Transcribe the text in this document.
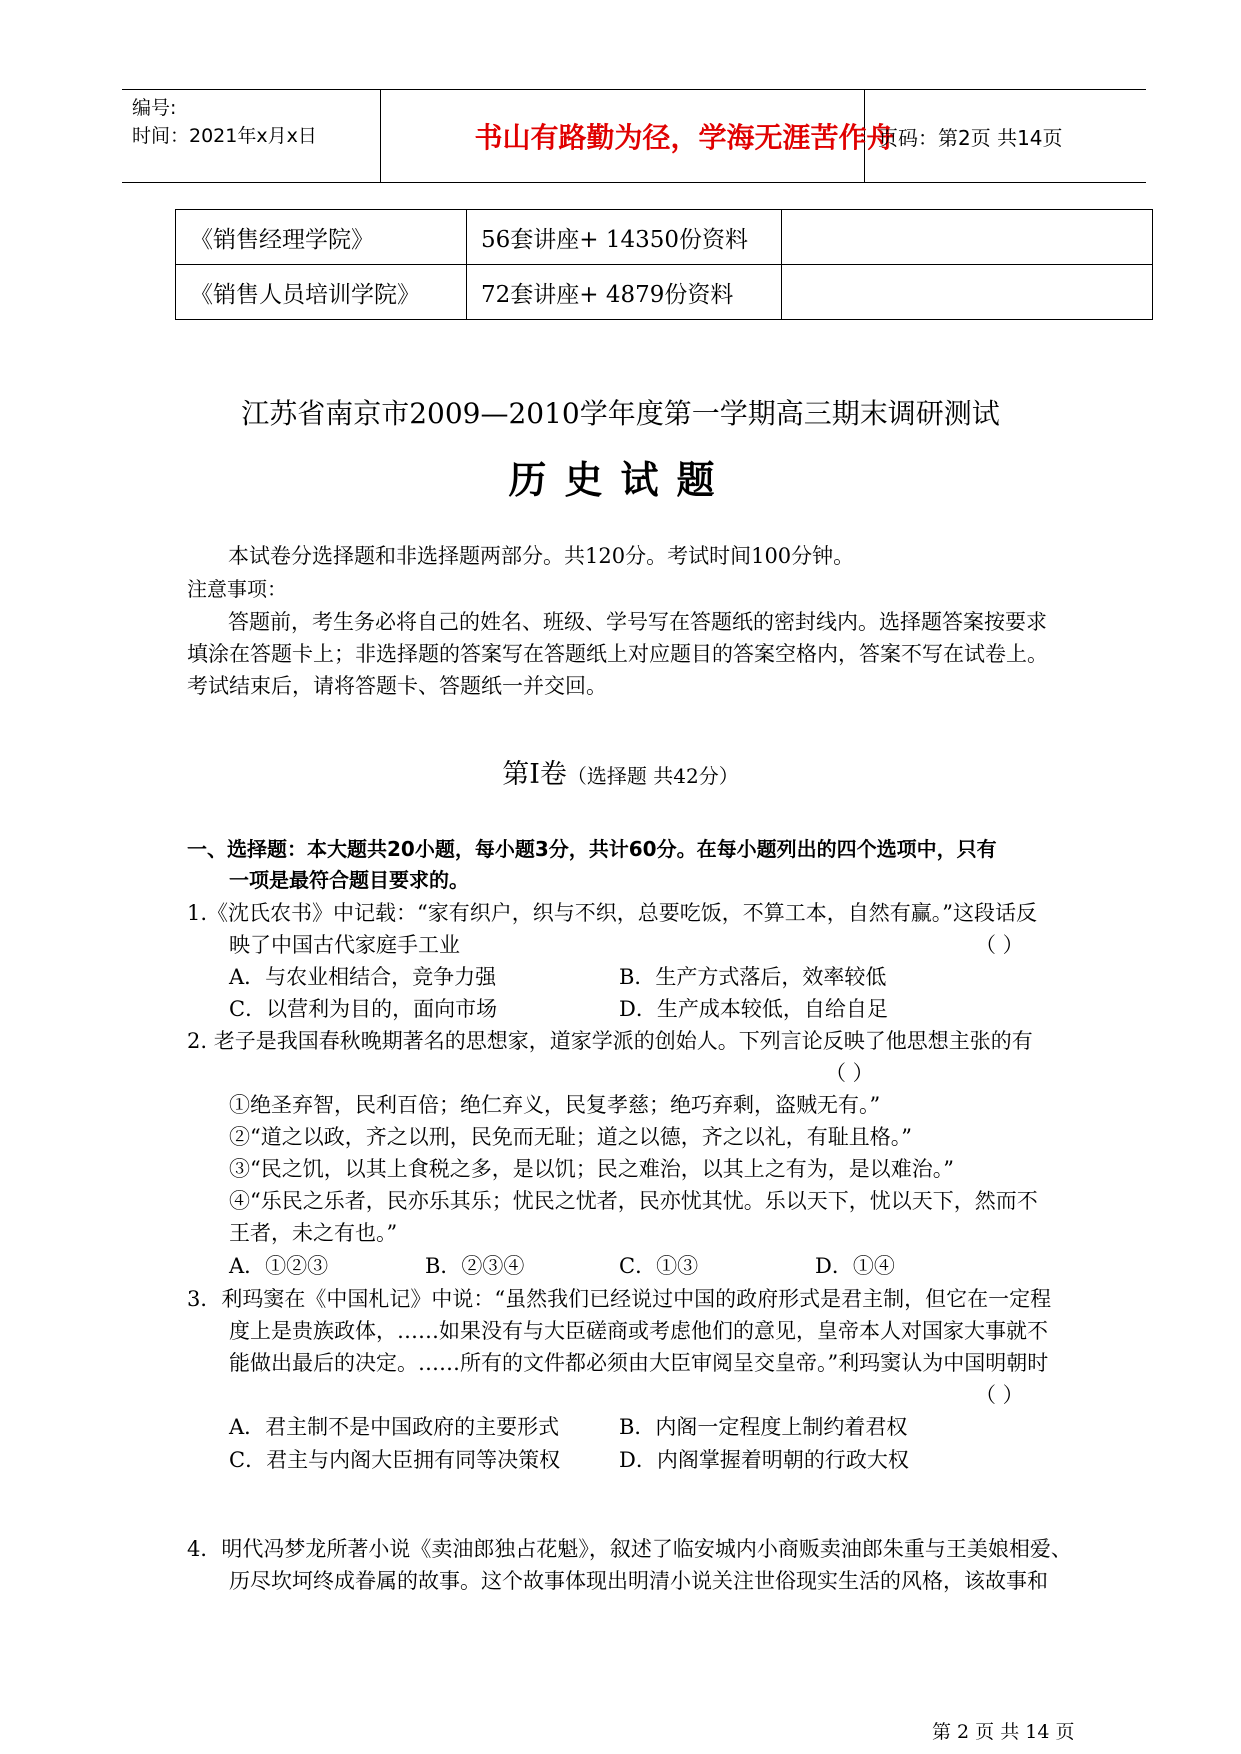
编号:
时间：2021年x月x日	书山有路勤为径，学海无涯苦作舟
页码：第2页 共14页
《销售经理学院》	56套讲座+ 14350份资料	
《销售人员培训学院》	72套讲座+ 4879份资料	
江苏省南京市2009—2010学年度第一学期高三期末调研测试
历史试题
本试卷分选择题和非选择题两部分。共120分。考试时间100分钟。
注意事项：
答题前，考生务必将自己的姓名、班级、学号写在答题纸的密封线内。选择题答案按要求
填涂在答题卡上；非选择题的答案写在答题纸上对应题目的答案空格内，答案不写在试卷上。
考试结束后，请将答题卡、答题纸一并交回。
第Ⅰ卷（选择题 共42分）
一、选择题：本大题共20小题，每小题3分，共计60分。在每小题列出的四个选项中，只有
一项是最符合题目要求的。
1.《沈氏农书》中记载：“家有织户，织与不织，总要吃饭，不算工本，自然有赢。”这段话反
映了中国古代家庭手工业	（ ）
A．与农业相结合，竞争力强	B．生产方式落后，效率较低
C．以营利为目的，面向市场	D．生产成本较低，自给自足
2. 老子是我国春秋晚期著名的思想家，道家学派的创始人。下列言论反映了他思想主张的有
（ ）
①绝圣弃智，民利百倍；绝仁弃义，民复孝慈；绝巧弃剩，盗贼无有。”
②“道之以政，齐之以刑，民免而无耻；道之以德，齐之以礼，有耻且格。”
③“民之饥，以其上食税之多，是以饥；民之难治，以其上之有为，是以难治。”
④“乐民之乐者，民亦乐其乐；忧民之忧者，民亦忧其忧。乐以天下，忧以天下，然而不
王者，未之有也。”
A．①②③	B．②③④	C．①③	D．①④
3．利玛窦在《中国札记》中说：“虽然我们已经说过中国的政府形式是君主制，但它在一定程
度上是贵族政体，……如果没有与大臣磋商或考虑他们的意见，皇帝本人对国家大事就不
能做出最后的决定。……所有的文件都必须由大臣审阅呈交皇帝。”利玛窦认为中国明朝时
（ ）
A．君主制不是中国政府的主要形式	B．内阁一定程度上制约着君权
C．君主与内阁大臣拥有同等决策权	D．内阁掌握着明朝的行政大权
4．明代冯梦龙所著小说《卖油郎独占花魁》，叙述了临安城内小商贩卖油郎朱重与王美娘相爱、
历尽坎坷终成眷属的故事。这个故事体现出明清小说关注世俗现实生活的风格，该故事和
第 2 页 共 14 页
